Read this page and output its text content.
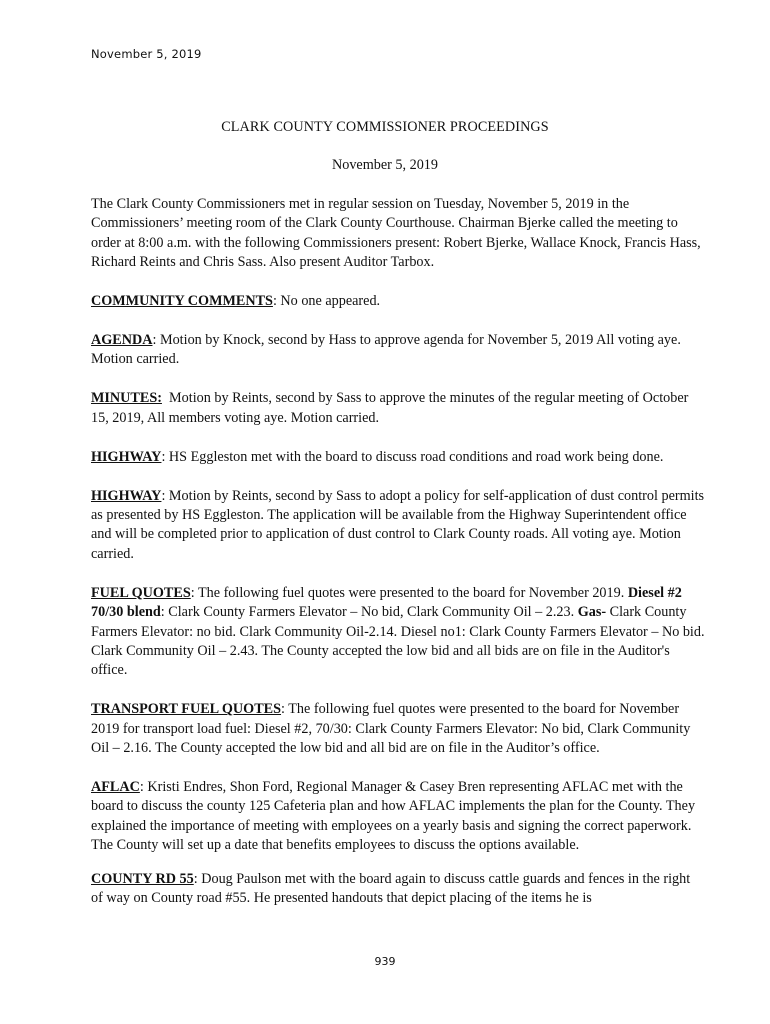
November 5, 2019
CLARK COUNTY COMMISSIONER PROCEEDINGS
November 5, 2019

The Clark County Commissioners met in regular session on Tuesday, November 5, 2019 in the Commissioners’ meeting room of the Clark County Courthouse. Chairman Bjerke called the meeting to order at 8:00 a.m. with the following Commissioners present: Robert Bjerke, Wallace Knock, Francis Hass, Richard Reints and Chris Sass. Also present Auditor Tarbox.

COMMUNITY COMMENTS: No one appeared.

AGENDA: Motion by Knock, second by Hass to approve agenda for November 5, 2019 All voting aye. Motion carried.

MINUTES:  Motion by Reints, second by Sass to approve the minutes of the regular meeting of October 15, 2019, All members voting aye. Motion carried.

HIGHWAY: HS Eggleston met with the board to discuss road conditions and road work being done.

HIGHWAY: Motion by Reints, second by Sass to adopt a policy for self-application of dust control permits as presented by HS Eggleston. The application will be available from the Highway Superintendent office and will be completed prior to application of dust control to Clark County roads. All voting aye. Motion carried.

FUEL QUOTES: The following fuel quotes were presented to the board for November 2019. Diesel #2 70/30 blend: Clark County Farmers Elevator – No bid, Clark Community Oil – 2.23. Gas- Clark County Farmers Elevator: no bid. Clark Community Oil-2.14. Diesel no1: Clark County Farmers Elevator – No bid. Clark Community Oil – 2.43. The County accepted the low bid and all bids are on file in the Auditor's office.

TRANSPORT FUEL QUOTES: The following fuel quotes were presented to the board for November 2019 for transport load fuel: Diesel #2, 70/30: Clark County Farmers Elevator: No bid, Clark Community Oil – 2.16. The County accepted the low bid and all bid are on file in the Auditor’s office.

AFLAC: Kristi Endres, Shon Ford, Regional Manager & Casey Bren representing AFLAC met with the board to discuss the county 125 Cafeteria plan and how AFLAC implements the plan for the County. They explained the importance of meeting with employees on a yearly basis and signing the correct paperwork. The County will set up a date that benefits employees to discuss the options available.

COUNTY RD 55: Doug Paulson met with the board again to discuss cattle guards and fences in the right of way on County road #55. He presented handouts that depict placing of the items he is

939
